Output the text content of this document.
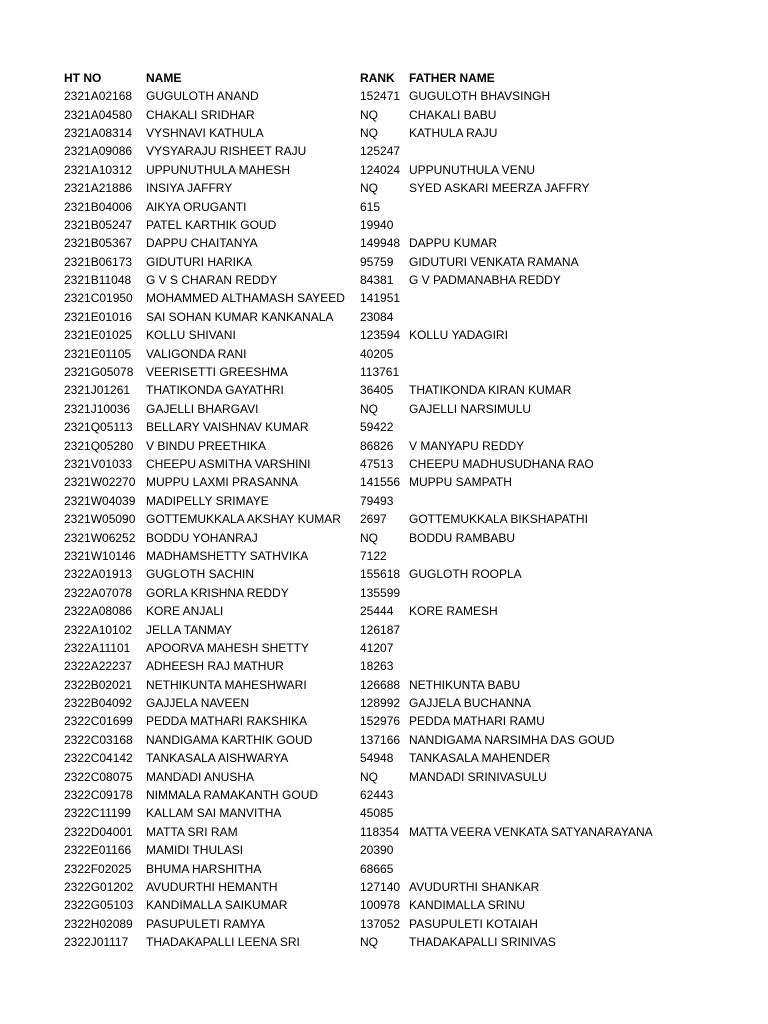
HT NO	NAME	RANK	FATHER NAME
2321A02168	GUGULOTH ANAND	152471	GUGULOTH BHAVSINGH
2321A04580	CHAKALI SRIDHAR	NQ	CHAKALI BABU
2321A08314	VYSHNAVI KATHULA	NQ	KATHULA RAJU
2321A09086	VYSYARAJU RISHEET RAJU	125247	
2321A10312	UPPUNUTHULA MAHESH	124024	UPPUNUTHULA VENU
2321A21886	INSIYA JAFFRY	NQ	SYED ASKARI MEERZA JAFFRY
2321B04006	AIKYA ORUGANTI	615	
2321B05247	PATEL KARTHIK GOUD	19940	
2321B05367	DAPPU CHAITANYA	149948	DAPPU KUMAR
2321B06173	GIDUTURI HARIKA	95759	GIDUTURI VENKATA RAMANA
2321B11048	G V S CHARAN REDDY	84381	G V PADMANABHA REDDY
2321C01950	MOHAMMED ALTHAMASH SAYEED	141951	
2321E01016	SAI SOHAN KUMAR KANKANALA	23084	
2321E01025	KOLLU SHIVANI	123594	KOLLU YADAGIRI
2321E01105	VALIGONDA RANI	40205	
2321G05078	VEERISETTI GREESHMA	113761	
2321J01261	THATIKONDA GAYATHRI	36405	THATIKONDA KIRAN KUMAR
2321J10036	GAJELLI BHARGAVI	NQ	GAJELLI NARSIMULU
2321Q05113	BELLARY VAISHNAV KUMAR	59422	
2321Q05280	V BINDU PREETHIKA	86826	V MANYAPU REDDY
2321V01033	CHEEPU ASMITHA VARSHINI	47513	CHEEPU MADHUSUDHANA RAO
2321W02270	MUPPU LAXMI PRASANNA	141556	MUPPU SAMPATH
2321W04039	MADIPELLY SRIMAYE	79493	
2321W05090	GOTTEMUKKALA AKSHAY KUMAR	2697	GOTTEMUKKALA BIKSHAPATHI
2321W06252	BODDU YOHANRAJ	NQ	BODDU RAMBABU
2321W10146	MADHAMSHETTY SATHVIKA	7122	
2322A01913	GUGLOTH SACHIN	155618	GUGLOTH ROOPLA
2322A07078	GORLA KRISHNA REDDY	135599	
2322A08086	KORE ANJALI	25444	KORE RAMESH
2322A10102	JELLA TANMAY	126187	
2322A11101	APOORVA MAHESH SHETTY	41207	
2322A22237	ADHEESH RAJ MATHUR	18263	
2322B02021	NETHIKUNTA MAHESHWARI	126688	NETHIKUNTA BABU
2322B04092	GAJJELA NAVEEN	128992	GAJJELA BUCHANNA
2322C01699	PEDDA MATHARI RAKSHIKA	152976	PEDDA MATHARI RAMU
2322C03168	NANDIGAMA KARTHIK GOUD	137166	NANDIGAMA NARSIMHA DAS GOUD
2322C04142	TANKASALA AISHWARYA	54948	TANKASALA MAHENDER
2322C08075	MANDADI ANUSHA	NQ	MANDADI SRINIVASULU
2322C09178	NIMMALA RAMAKANTH GOUD	62443	
2322C11199	KALLAM SAI MANVITHA	45085	
2322D04001	MATTA SRI RAM	118354	MATTA VEERA VENKATA SATYANARAYANA
2322E01166	MAMIDI THULASI	20390	
2322F02025	BHUMA HARSHITHA	68665	
2322G01202	AVUDURTHI HEMANTH	127140	AVUDURTHI SHANKAR
2322G05103	KANDIMALLA SAIKUMAR	100978	KANDIMALLA SRINU
2322H02089	PASUPULETI RAMYA	137052	PASUPULETI KOTAIAH
2322J01117	THADAKAPALLI LEENA SRI	NQ	THADAKAPALLI SRINIVAS
